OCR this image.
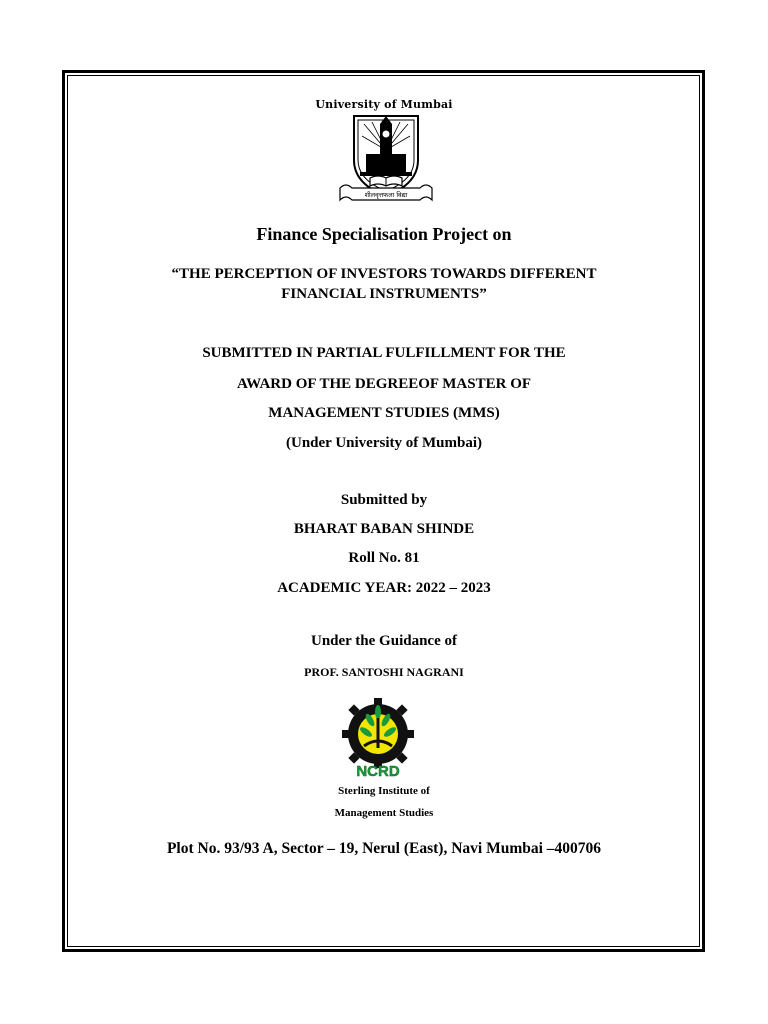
University of Mumbai
शीलवृत्तफला विद्या
Finance Specialisation Project on
“THE PERCEPTION OF INVESTORS TOWARDS DIFFERENT
FINANCIAL INSTRUMENTS”
SUBMITTED IN PARTIAL FULFILLMENT FOR THE
AWARD OF THE DEGREEOF MASTER OF
MANAGEMENT STUDIES (MMS)
(Under University of Mumbai)
Submitted by
BHARAT BABAN SHINDE
Roll No. 81
ACADEMIC YEAR: 2022 – 2023
Under the Guidance of
PROF. SANTOSHI NAGRANI
NCRD
Sterling Institute of
Management Studies
Plot No. 93/93 A, Sector – 19, Nerul (East), Navi Mumbai –400706
